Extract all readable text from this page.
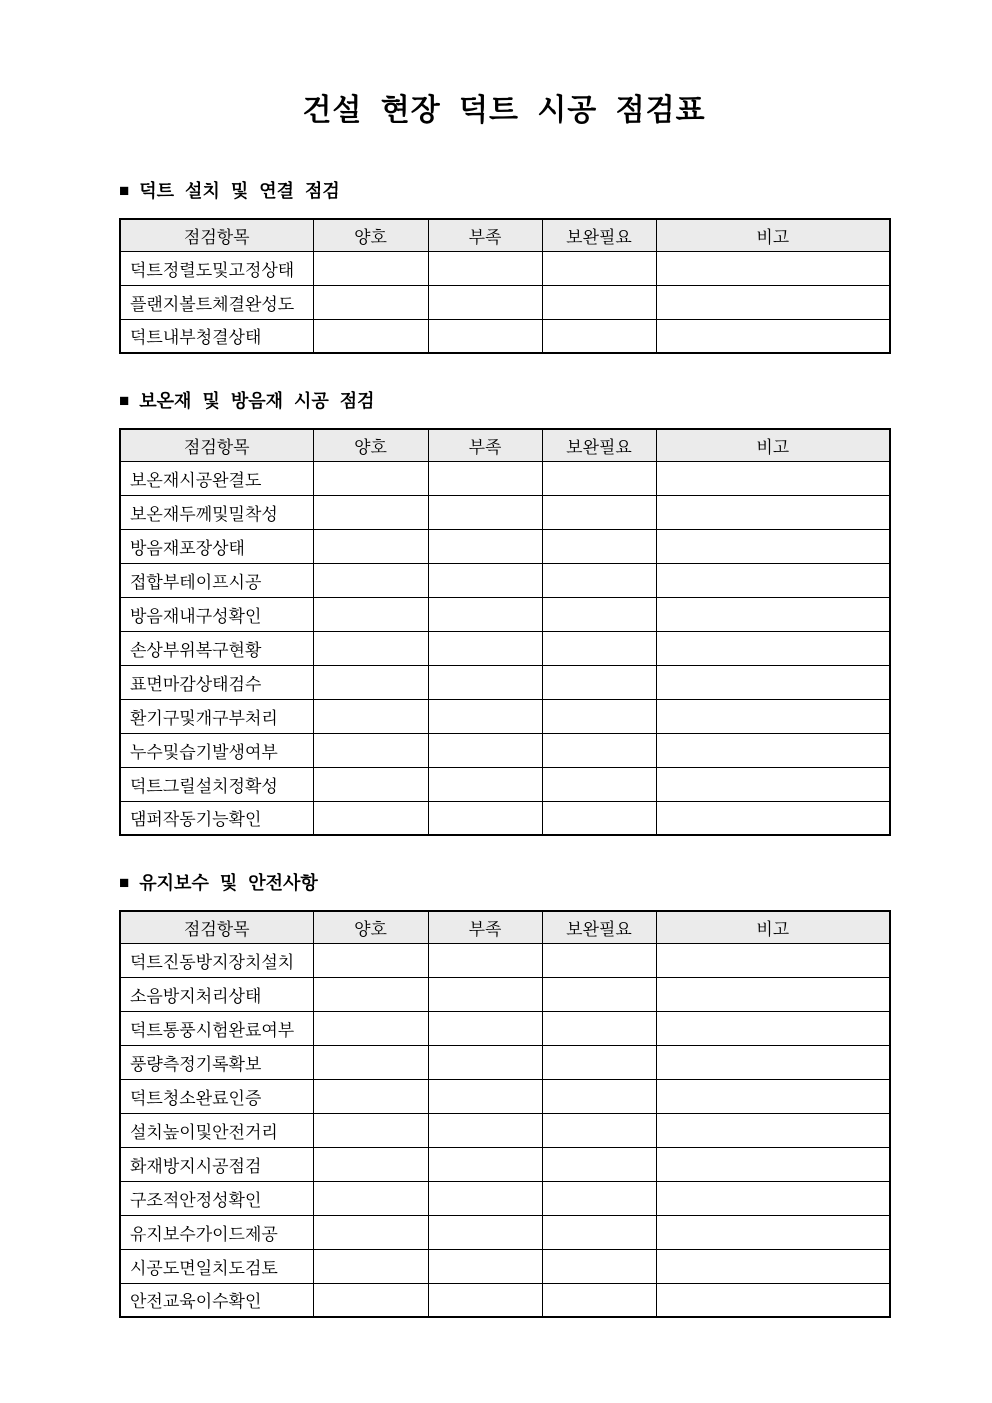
건설 현장 덕트 시공 점검표
■ 덕트 설치 및 연결 점검
점검항목	양호	부족	보완필요	비고
덕트정렬도및고정상태				
플랜지볼트체결완성도				
덕트내부청결상태				
■ 보온재 및 방음재 시공 점검
점검항목	양호	부족	보완필요	비고
보온재시공완결도				
보온재두께및밀착성				
방음재포장상태				
접합부테이프시공				
방음재내구성확인				
손상부위복구현황				
표면마감상태검수				
환기구및개구부처리				
누수및습기발생여부				
덕트그릴설치정확성				
댐퍼작동기능확인				
■ 유지보수 및 안전사항
점검항목	양호	부족	보완필요	비고
덕트진동방지장치설치				
소음방지처리상태				
덕트통풍시험완료여부				
풍량측정기록확보				
덕트청소완료인증				
설치높이및안전거리				
화재방지시공점검				
구조적안정성확인				
유지보수가이드제공				
시공도면일치도검토				
안전교육이수확인				
